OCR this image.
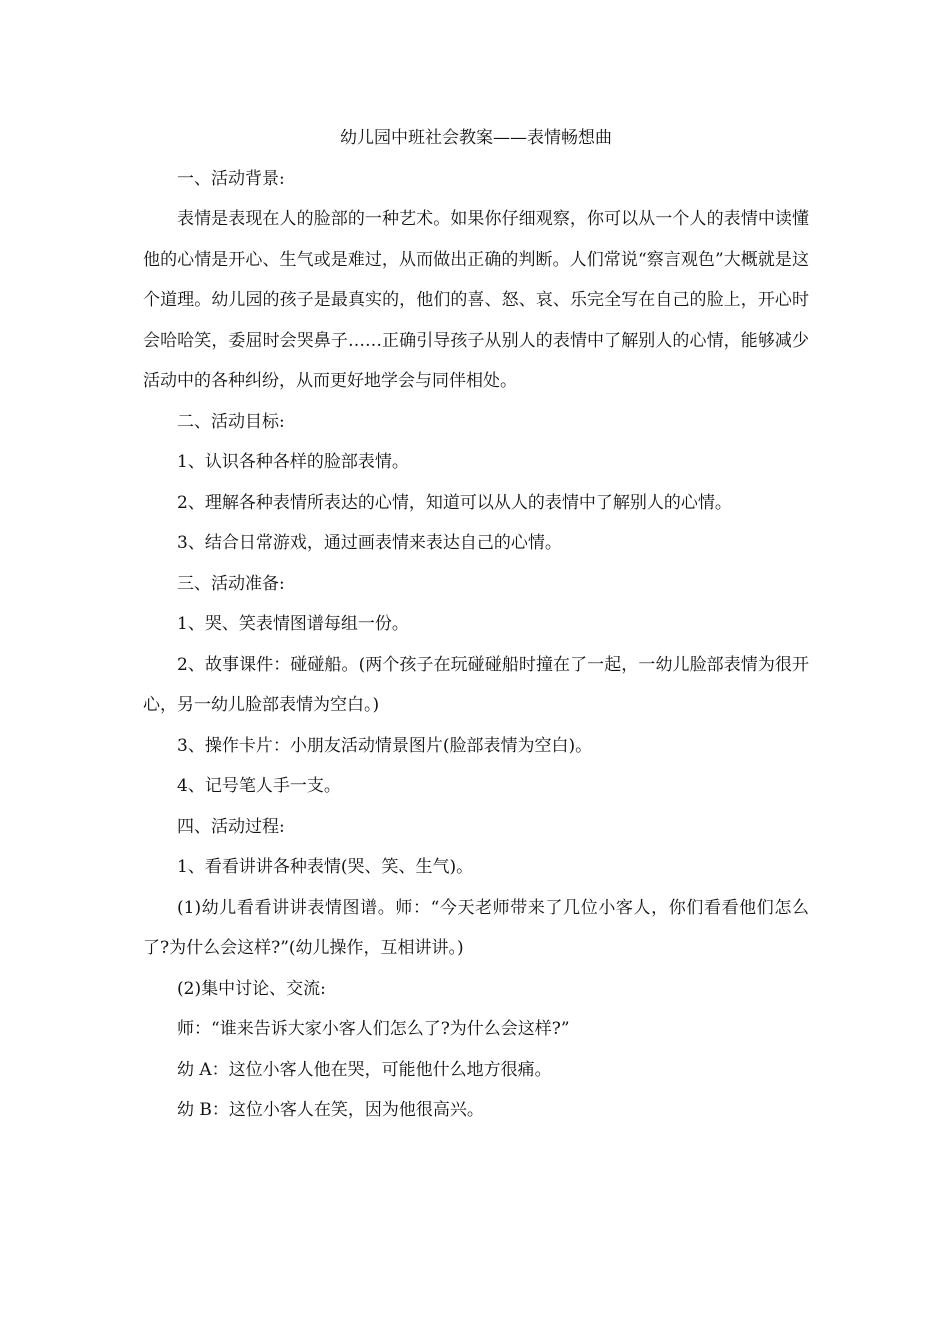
幼儿园中班社会教案——表情畅想曲

一、活动背景:

表情是表现在人的脸部的一种艺术。如果你仔细观察，你可以从一个人的表情中读懂他的心情是开心、生气或是难过，从而做出正确的判断。人们常说“察言观色”大概就是这个道理。幼儿园的孩子是最真实的，他们的喜、怒、哀、乐完全写在自己的脸上，开心时会哈哈笑，委屈时会哭鼻子……正确引导孩子从别人的表情中了解别人的心情，能够减少活动中的各种纠纷，从而更好地学会与同伴相处。

二、活动目标:

1、认识各种各样的脸部表情。

2、理解各种表情所表达的心情，知道可以从人的表情中了解别人的心情。

3、结合日常游戏，通过画表情来表达自己的心情。

三、活动准备:

1、哭、笑表情图谱每组一份。

2、故事课件：碰碰船。(两个孩子在玩碰碰船时撞在了一起，一幼儿脸部表情为很开心，另一幼儿脸部表情为空白。)

3、操作卡片：小朋友活动情景图片(脸部表情为空白)。

4、记号笔人手一支。

四、活动过程:

1、看看讲讲各种表情(哭、笑、生气)。

(1)幼儿看看讲讲表情图谱。师：“今天老师带来了几位小客人，你们看看他们怎么了?为什么会这样?”(幼儿操作，互相讲讲。)

(2)集中讨论、交流:

师：“谁来告诉大家小客人们怎么了?为什么会这样?”

幼 A：这位小客人他在哭，可能他什么地方很痛。

幼 B：这位小客人在笑，因为他很高兴。
